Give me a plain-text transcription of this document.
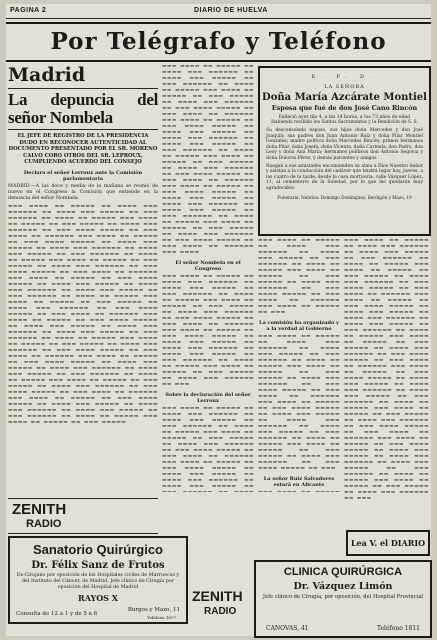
PAGINA 2	DIARIO DE HUELVA
Por Telégrafo y Teléfono
Madrid
La depuncia del señor Nombela
EL JEFE DE REGISTRO DE LA PRESIDENCIA DUDO EN RECONOCER AUTENTICIDAD AL DOCUMENTO PRESENTADO POR EL SR. MORENO CALVO CORO OTROS DEL SR. LEPROUX, CUMPLIENDO ACUERDO DEL CONSEJO
Declara el señor Lerroux ante la Comisión parlamentaria
MADRID.—A las doce y media de la mañana se reunió de nuevo en el Congreso la Comisión que entiende en la denuncia del señor Nombela.
▬▬▬ ▬▬▬▬ ▬▬ ▬▬▬▬▬ ▬▬ ▬▬▬▬ ▬▬▬ ▬▬▬▬▬▬ ▬▬ ▬▬▬▬ ▬▬▬ ▬▬▬▬▬ ▬▬ ▬▬▬ ▬▬▬▬▬▬ ▬▬ ▬▬▬▬ ▬▬ ▬▬▬▬▬ ▬▬▬ ▬▬▬▬ ▬▬ ▬▬▬▬▬ ▬▬ ▬▬▬ ▬▬▬▬▬ ▬▬ ▬▬▬▬ ▬▬▬ ▬▬▬▬▬▬ ▬▬ ▬▬▬ ▬▬▬▬ ▬▬▬▬▬ ▬▬ ▬▬▬ ▬▬▬▬ ▬▬ ▬▬▬▬▬▬ ▬▬▬ ▬▬▬▬ ▬▬ ▬▬▬▬▬ ▬▬ ▬▬▬ ▬▬▬▬ ▬▬▬▬▬ ▬▬ ▬▬▬▬ ▬▬▬ ▬▬▬▬▬ ▬▬ ▬▬▬▬ ▬▬▬ ▬▬▬▬▬▬ ▬▬ ▬▬▬▬ ▬▬▬ ▬▬▬▬▬ ▬▬ ▬▬▬ ▬▬▬▬▬▬ ▬▬ ▬▬▬▬ ▬▬ ▬▬▬▬▬ ▬▬▬ ▬▬▬▬ ▬▬ ▬▬▬▬▬ ▬▬ ▬▬▬ ▬▬▬▬▬ ▬▬ ▬▬▬▬ ▬▬▬ ▬▬▬▬▬▬ ▬▬ ▬▬▬ ▬▬▬▬ ▬▬▬▬▬ ▬▬ ▬▬▬ ▬▬▬▬ ▬▬ ▬▬▬▬▬▬ ▬▬▬ ▬▬▬▬ ▬▬ ▬▬▬▬▬ ▬▬ ▬▬▬ ▬▬▬▬ ▬▬▬▬▬ ▬▬ ▬▬▬▬ ▬▬▬ ▬▬▬▬▬ ▬▬ ▬▬▬▬ ▬▬▬ ▬▬▬▬▬▬ ▬▬ ▬▬▬▬ ▬▬▬ ▬▬▬▬▬ ▬▬ ▬▬▬ ▬▬▬▬▬▬ ▬▬ ▬▬▬▬ ▬▬ ▬▬▬▬▬ ▬▬▬ ▬▬▬▬ ▬▬ ▬▬▬▬▬ ▬▬ ▬▬▬ ▬▬▬▬▬ ▬▬ ▬▬▬▬ ▬▬▬ ▬▬▬▬▬▬ ▬▬ ▬▬▬ ▬▬▬▬ ▬▬▬▬▬ ▬▬ ▬▬▬ ▬▬▬▬ ▬▬ ▬▬▬▬▬▬ ▬▬▬ ▬▬▬▬ ▬▬ ▬▬▬▬▬ ▬▬ ▬▬▬ ▬▬▬▬ ▬▬▬▬▬ ▬▬ ▬▬▬▬ ▬▬▬ ▬▬▬▬▬ ▬▬ ▬▬▬▬ ▬▬▬ ▬▬▬▬▬▬ ▬▬ ▬▬▬▬ ▬▬▬ ▬▬▬▬▬ ▬▬ ▬▬▬ ▬▬▬▬▬▬ ▬▬ ▬▬▬▬ ▬▬ ▬▬▬▬▬ ▬▬▬ ▬▬▬▬ ▬▬ ▬▬▬▬▬ ▬▬ ▬▬▬ ▬▬▬▬▬ ▬▬ ▬▬▬▬ ▬▬▬ ▬▬▬▬▬▬ ▬▬ ▬▬▬ ▬▬▬▬ ▬▬▬▬▬ ▬▬ ▬▬▬ ▬▬▬▬ ▬▬ ▬▬▬▬▬▬ ▬▬▬ ▬▬▬▬ ▬▬ ▬▬▬▬▬ ▬▬ ▬▬▬ ▬▬▬▬ ▬▬▬▬▬ ▬▬ ▬▬▬▬ ▬▬▬ ▬▬▬▬▬ ▬▬ ▬▬▬▬ ▬▬▬ ▬▬▬▬▬▬ ▬▬ ▬▬▬▬ ▬▬▬ ▬▬▬▬▬ ▬▬ ▬▬▬ ▬▬▬▬▬▬ ▬▬ ▬▬▬▬ ▬▬ ▬▬▬▬▬ ▬▬▬ ▬▬▬▬ ▬▬ ▬▬▬▬▬ ▬▬ ▬▬▬ ▬▬▬▬▬ ▬▬ ▬▬▬▬ ▬▬▬ ▬▬▬▬▬▬ ▬▬ ▬▬▬ ▬▬▬▬ ▬▬▬▬▬ ▬▬ ▬▬▬ ▬▬▬▬ ▬▬ ▬▬▬▬▬▬ ▬▬▬ ▬▬▬▬ ▬▬ ▬▬▬▬▬ ▬▬ ▬▬▬ ▬▬▬▬ ▬▬▬▬▬ ▬▬ ▬▬▬▬ ▬▬▬ ▬▬▬▬▬ ▬▬ ▬▬▬▬ ▬▬▬ ▬▬▬▬▬▬ ▬▬ ▬▬▬▬ ▬▬▬ ▬▬▬▬▬ ▬▬ ▬▬▬ ▬▬▬▬▬▬ ▬▬ ▬▬▬▬ ▬▬ ▬▬▬▬▬ ▬▬▬ ▬▬▬▬ ▬▬ ▬▬▬▬▬ ▬▬ ▬▬▬ ▬▬▬▬▬
▬▬▬ ▬▬▬▬ ▬▬ ▬▬▬▬▬ ▬▬ ▬▬▬▬ ▬▬▬ ▬▬▬▬▬▬ ▬▬ ▬▬▬▬ ▬▬▬ ▬▬▬▬▬ ▬▬ ▬▬▬ ▬▬▬▬▬▬ ▬▬ ▬▬▬▬ ▬▬ ▬▬▬▬▬ ▬▬▬ ▬▬▬▬ ▬▬ ▬▬▬▬▬ ▬▬ ▬▬▬ ▬▬▬▬▬ ▬▬ ▬▬▬▬ ▬▬▬ ▬▬▬▬▬▬ ▬▬ ▬▬▬ ▬▬▬▬ ▬▬▬▬▬ ▬▬ ▬▬▬ ▬▬▬▬ ▬▬ ▬▬▬▬▬▬ ▬▬▬ ▬▬▬▬ ▬▬ ▬▬▬▬▬ ▬▬ ▬▬▬ ▬▬▬▬ ▬▬▬▬▬ ▬▬ ▬▬▬▬ ▬▬▬ ▬▬▬▬▬ ▬▬ ▬▬▬▬ ▬▬▬ ▬▬▬▬▬▬ ▬▬ ▬▬▬▬ ▬▬▬ ▬▬▬▬▬ ▬▬ ▬▬▬ ▬▬▬▬▬▬ ▬▬ ▬▬▬▬ ▬▬ ▬▬▬▬▬ ▬▬▬ ▬▬▬▬ ▬▬ ▬▬▬▬▬ ▬▬ ▬▬▬ ▬▬▬▬▬ ▬▬ ▬▬▬▬ ▬▬▬ ▬▬▬▬▬▬ ▬▬ ▬▬▬ ▬▬▬▬ ▬▬▬▬▬ ▬▬ ▬▬▬ ▬▬▬▬ ▬▬ ▬▬▬▬▬▬ ▬▬▬ ▬▬▬▬ ▬▬ ▬▬▬▬▬ ▬▬ ▬▬▬ ▬▬▬▬ ▬▬▬▬▬ ▬▬ ▬▬▬▬ ▬▬▬ ▬▬▬▬▬ ▬▬ ▬▬▬▬ ▬▬▬ ▬▬▬▬▬▬ ▬▬ ▬▬▬▬ ▬▬▬ ▬▬▬▬▬ ▬▬ ▬▬▬ ▬▬▬▬▬▬ ▬▬ ▬▬▬▬ ▬▬ ▬▬▬▬▬ ▬▬▬ ▬▬▬▬ ▬▬ ▬▬▬▬▬ ▬▬ ▬▬▬ ▬▬▬▬▬ ▬▬ ▬▬▬▬ ▬▬▬ ▬▬▬▬▬▬ ▬▬ ▬▬▬ ▬▬▬▬ ▬▬▬▬▬ ▬▬ ▬▬▬ ▬▬▬▬ ▬▬ ▬▬▬▬▬▬ ▬▬▬ ▬▬▬▬
El señor Nombela en el Congreso
▬▬▬ ▬▬▬▬ ▬▬ ▬▬▬▬▬ ▬▬ ▬▬▬▬ ▬▬▬ ▬▬▬▬▬▬ ▬▬ ▬▬▬▬ ▬▬▬ ▬▬▬▬▬ ▬▬ ▬▬▬ ▬▬▬▬▬▬ ▬▬ ▬▬▬▬ ▬▬ ▬▬▬▬▬ ▬▬▬ ▬▬▬▬ ▬▬ ▬▬▬▬▬ ▬▬ ▬▬▬ ▬▬▬▬▬ ▬▬ ▬▬▬▬ ▬▬▬ ▬▬▬▬▬▬ ▬▬ ▬▬▬ ▬▬▬▬ ▬▬▬▬▬ ▬▬ ▬▬▬ ▬▬▬▬ ▬▬ ▬▬▬▬▬▬ ▬▬▬ ▬▬▬▬ ▬▬ ▬▬▬▬▬ ▬▬ ▬▬▬ ▬▬▬▬ ▬▬▬▬▬ ▬▬ ▬▬▬▬ ▬▬▬ ▬▬▬▬▬ ▬▬ ▬▬▬▬ ▬▬▬ ▬▬▬▬▬▬ ▬▬ ▬▬▬▬ ▬▬▬ ▬▬▬▬▬ ▬▬ ▬▬▬ ▬▬▬▬▬▬ ▬▬ ▬▬▬▬ ▬▬ ▬▬▬▬▬ ▬▬▬ ▬▬▬▬ ▬▬ ▬▬▬▬▬ ▬▬ ▬▬▬ ▬▬▬▬▬ ▬▬ ▬▬▬▬ ▬▬▬ ▬▬▬▬▬▬ ▬▬ ▬▬▬
Sobre la declaración del señor Lerroux
▬▬▬ ▬▬▬▬ ▬▬ ▬▬▬▬▬ ▬▬ ▬▬▬▬ ▬▬▬ ▬▬▬▬▬▬ ▬▬ ▬▬▬▬ ▬▬▬ ▬▬▬▬▬ ▬▬ ▬▬▬ ▬▬▬▬▬▬ ▬▬ ▬▬▬▬ ▬▬ ▬▬▬▬▬ ▬▬▬ ▬▬▬▬ ▬▬ ▬▬▬▬▬ ▬▬ ▬▬▬ ▬▬▬▬▬ ▬▬ ▬▬▬▬ ▬▬▬ ▬▬▬▬▬▬ ▬▬ ▬▬▬ ▬▬▬▬ ▬▬▬▬▬ ▬▬ ▬▬▬ ▬▬▬▬ ▬▬ ▬▬▬▬▬▬ ▬▬▬ ▬▬▬▬ ▬▬ ▬▬▬▬▬ ▬▬ ▬▬▬ ▬▬▬▬ ▬▬▬▬▬ ▬▬ ▬▬▬▬ ▬▬▬ ▬▬▬▬▬ ▬▬ ▬▬▬▬ ▬▬▬ ▬▬▬▬▬▬ ▬▬ ▬▬▬▬ ▬▬▬ ▬▬▬▬▬ ▬▬
E. P. D.
LA SEÑORA
Doña María Azcárate Montiel
Esposa que fué de don José Cano Rincón
Falleció ayer día 4, a las 14 horas, a los 73 años de edad
Habiendo recibido los Santos Sacramentos y la Bendición de S. S.
Su desconsolado esposo, sus hijos doña Mercedes y don José Joaquín; sus padres don Juan Antonio Ruiz y doña Pilar Montiel González; madre política doña Mercedes Rincón; primos hermanos doña Pilar, doña Josefa, doña Vicenta, doña Carmela, don Pedro, don Leoy y doña Ana María; hermanos políticos don Antonio Segovia y doña Dolores Pérez, y demás parientes y amigos
Ruegan a sus amistades encomienden su alma a Dios Nuestro Señor y asistan a la conducción del cadáver que tendrá lugar hoy, jueves, a las cuatro de la tarde, desde la casa mortuoria, calle Vázquez López, 11, al cementerio de la Soledad, por lo que les quedarán muy agradecidos.
Funeraria: Nebrisa: Domingo Domínguez, Berdigón y Mazo, 19
▬▬▬ ▬▬▬▬ ▬▬ ▬▬▬▬▬ ▬▬ ▬▬▬▬ ▬▬▬ ▬▬▬▬▬▬ ▬▬ ▬▬▬▬ ▬▬▬ ▬▬▬▬▬ ▬▬ ▬▬▬ ▬▬▬▬▬▬ ▬▬ ▬▬▬▬ ▬▬ ▬▬▬▬▬ ▬▬▬ ▬▬▬▬ ▬▬ ▬▬▬▬▬ ▬▬ ▬▬▬ ▬▬▬▬▬ ▬▬ ▬▬▬▬ ▬▬▬ ▬▬▬▬▬▬ ▬▬ ▬▬▬ ▬▬▬▬ ▬▬▬▬▬ ▬▬ ▬▬▬ ▬▬▬▬ ▬▬ ▬▬▬▬▬▬ ▬▬▬ ▬▬▬▬ ▬▬ ▬▬▬▬▬ ▬▬ ▬▬▬
La comisión ha organizado y a la verdad al Gobierno
▬▬▬ ▬▬▬▬ ▬▬ ▬▬▬▬▬ ▬▬ ▬▬▬▬ ▬▬▬ ▬▬▬▬▬▬ ▬▬ ▬▬▬▬ ▬▬▬ ▬▬▬▬▬ ▬▬ ▬▬▬ ▬▬▬▬▬▬ ▬▬ ▬▬▬▬ ▬▬ ▬▬▬▬▬ ▬▬▬ ▬▬▬▬ ▬▬ ▬▬▬▬▬ ▬▬ ▬▬▬ ▬▬▬▬▬ ▬▬ ▬▬▬▬ ▬▬▬ ▬▬▬▬▬▬ ▬▬ ▬▬▬ ▬▬▬▬ ▬▬▬▬▬ ▬▬ ▬▬▬ ▬▬▬▬ ▬▬ ▬▬▬▬▬▬ ▬▬▬ ▬▬▬▬ ▬▬ ▬▬▬▬▬ ▬▬ ▬▬▬ ▬▬▬▬ ▬▬▬▬▬ ▬▬ ▬▬▬▬ ▬▬▬ ▬▬▬▬▬ ▬▬ ▬▬▬▬ ▬▬▬ ▬▬▬▬▬▬ ▬▬ ▬▬▬▬ ▬▬▬ ▬▬▬▬▬ ▬▬ ▬▬▬ ▬▬▬▬▬▬ ▬▬ ▬▬▬▬ ▬▬ ▬▬▬▬▬ ▬▬▬ ▬▬▬▬ ▬▬ ▬▬▬▬▬ ▬▬ ▬▬▬ ▬▬▬▬▬ ▬▬ ▬▬▬▬ ▬▬▬ ▬▬▬▬▬▬ ▬▬ ▬▬▬ ▬▬▬▬ ▬▬▬▬▬ ▬▬ ▬▬▬
La señor Ruiz Salvadores estará en Alicante
▬▬▬ ▬▬▬▬ ▬▬ ▬▬▬▬▬ ▬▬ ▬▬▬▬ ▬▬▬ ▬▬▬▬▬▬ ▬▬ ▬▬▬▬ ▬▬▬ ▬▬▬▬▬ ▬▬ ▬▬▬ ▬▬▬▬▬▬ ▬▬ ▬▬▬▬ ▬▬ ▬▬▬▬▬ ▬▬▬ ▬▬▬▬ ▬▬ ▬▬▬▬▬ ▬▬ ▬▬▬ ▬▬▬▬▬ ▬▬ ▬▬▬▬ ▬▬▬ ▬▬▬▬▬▬ ▬▬ ▬▬▬ ▬▬▬▬ ▬▬▬▬▬ ▬▬ ▬▬▬ ▬▬▬▬ ▬▬ ▬▬▬▬▬▬ ▬▬▬ ▬▬▬▬ ▬▬ ▬▬▬▬▬ ▬▬ ▬▬▬ ▬▬▬▬ ▬▬▬▬▬ ▬▬ ▬▬▬▬ ▬▬▬ ▬▬▬▬▬ ▬▬ ▬▬▬▬ ▬▬▬ ▬▬▬▬▬▬ ▬▬ ▬▬▬▬ ▬▬▬ ▬▬▬▬▬ ▬▬ ▬▬▬ ▬▬▬▬▬▬ ▬▬ ▬▬▬▬ ▬▬ ▬▬▬▬▬ ▬▬▬ ▬▬▬▬ ▬▬ ▬▬▬▬▬ ▬▬ ▬▬▬ ▬▬▬▬▬ ▬▬ ▬▬▬▬ ▬▬▬ ▬▬▬▬▬▬ ▬▬ ▬▬▬ ▬▬▬▬ ▬▬▬▬▬ ▬▬ ▬▬▬ ▬▬▬▬ ▬▬ ▬▬▬▬▬▬ ▬▬▬ ▬▬▬▬ ▬▬ ▬▬▬▬▬ ▬▬ ▬▬▬ ▬▬▬▬ ▬▬▬▬▬ ▬▬ ▬▬▬▬ ▬▬▬ ▬▬▬▬▬ ▬▬ ▬▬▬▬ ▬▬▬ ▬▬▬▬▬▬ ▬▬ ▬▬▬▬ ▬▬▬ ▬▬▬▬▬ ▬▬ ▬▬▬ ▬▬▬▬▬▬ ▬▬ ▬▬▬▬ ▬▬ ▬▬▬▬▬ ▬▬▬ ▬▬▬▬ ▬▬ ▬▬▬▬▬ ▬▬ ▬▬▬ ▬▬▬▬▬ ▬▬ ▬▬▬▬ ▬▬▬ ▬▬▬▬▬▬ ▬▬ ▬▬▬ ▬▬▬▬ ▬▬▬▬▬ ▬▬ ▬▬▬ ▬▬▬▬ ▬▬ ▬▬▬▬▬▬ ▬▬▬ ▬▬▬▬ ▬▬ ▬▬▬▬▬ ▬▬ ▬▬▬ ▬▬▬▬ ▬▬▬▬▬ ▬▬ ▬▬▬▬ ▬▬▬ ▬▬▬▬▬ ▬▬ ▬▬▬▬ ▬▬▬ ▬▬▬▬▬▬ ▬▬ ▬▬▬▬ ▬▬▬ ▬▬▬▬▬ ▬▬ ▬▬▬ ▬▬▬▬▬▬ ▬▬ ▬▬▬▬ ▬▬ ▬▬▬▬▬ ▬▬▬ ▬▬▬▬ ▬▬ ▬▬▬▬▬ ▬▬ ▬▬▬ ▬▬▬▬▬ ▬▬ ▬▬▬▬ ▬▬▬ ▬▬▬▬▬▬ ▬▬ ▬▬▬
ZENITH
RADIO
Sanatorio Quirúrgico
Dr. Félix Sanz de Frutos
Ex-Cirujano por oposición de los Hospitales civiles de Marruecos y del Instituto del Cáncer, de Madrid. Jefe clínico de Cirugía por oposición del Hospital de Madrid
RAYOS X
Consulta de 12 a 1 y de 5 a 6
Burgos y Mazo, 11
Teléfono 1677
ZENITH
RADIO
Lea V. el DIARIO
CLINICA QUIRÚRGICA
Dr. Vázquez Limón
Jefe clínico de Cirugía, por oposición, del Hospital Provincial
CANOVAS, 41	Teléfono 1811
